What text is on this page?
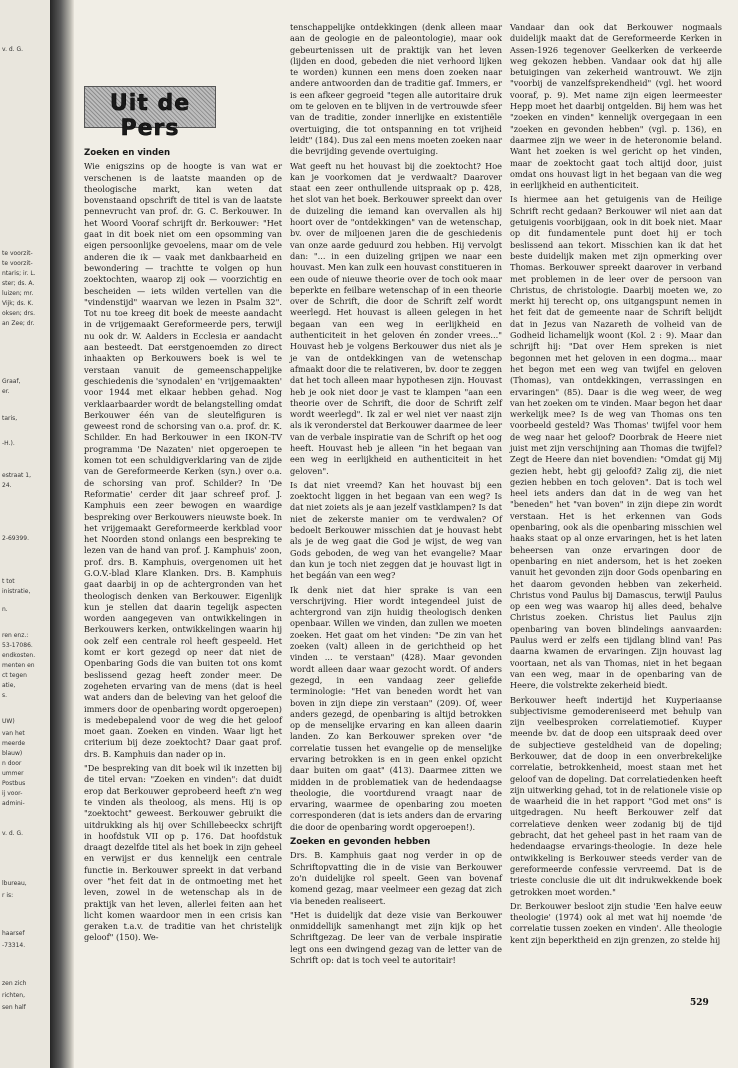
v. d. G.
te voorzit-
te voorzit-
ntaris; ir. L.
ster; ds. A.
luizen; mr.
Vijk; ds. K.
oksen; drs.
an Zee; dr.
Graaf,
er.
taris,
-H.).
estraat 1,
24.
2-69399.
t tot
inistratie,
n.
ren enz.:
53-17086.
endkosten.
menten en
ct tegen
atie,
s.
UW)
van het
meerde
blauw)
n door
ummer
Postbus
ij voor-
admini-
v. d. G.
lbureau,
r is:
haarsef
-73314.
zen zich
richten,
sen half
Uit de Pers
Zoeken en vinden

Wie enigszins op de hoogte is van wat er verschenen is de laatste maanden op de theologische markt, kan weten dat bovenstaand opschrift de titel is van de laatste pennevrucht van prof. dr. G. C. Berkouwer. In het Woord Vooraf schrijft dr. Berkouwer: "Het gaat in dit boek niet om een opsomming van eigen persoonlijke gevoelens, maar om de vele anderen die ik — vaak met dankbaarheid en bewondering — trachtte te volgen op hun zoektochten, waarop zij ook — voorzichtig en bescheiden — iets wilden vertellen van die "vindenstijd" waarvan we lezen in Psalm 32". Tot nu toe kreeg dit boek de meeste aandacht in de vrijgemaakt Gereformeerde pers, terwijl nu ook dr. W. Aalders in Ecclesia er aandacht aan besteedt. Dat eerstgenoemden zo direct inhaakten op Berkouwers boek is wel te verstaan vanuit de gemeenschappelijke geschiedenis die 'synodalen' en 'vrijgemaakten' voor 1944 met elkaar hebben gehad. Nog verklaarbaarder wordt de belangstelling omdat Berkouwer één van de sleutelfiguren is geweest rond de schorsing van o.a. prof. dr. K. Schilder. En had Berkouwer in een IKON-TV programma 'De Nazaten' niet opgeroepen te komen tot een schuldigverklaring van de zijde van de Gereformeerde Kerken (syn.) over o.a. de schorsing van prof. Schilder? In 'De Reformatie' cerder dit jaar schreef prof. J. Kamphuis een zeer bewogen en waardige bespreking over Berkouwers nieuwste boek. In het vrijgemaakt Gereformeerde kerkblad voor het Noorden stond onlangs een bespreking te lezen van de hand van prof. J. Kamphuis' zoon, prof. drs. B. Kamphuis, overgenomen uit het G.O.V.-blad Klare Klanken. Drs. B. Kamphuis gaat daarbij in op de achtergronden van het theologisch denken van Berkouwer. Eigenlijk kun je stellen dat daarin tegelijk aspecten worden aangegeven van ontwikkelingen in Berkouwers kerken, ontwikkelingen waarin hij ook zelf een centrale rol heeft gespeeld. Het komt er kort gezegd op neer dat niet de Openbaring Gods die van buiten tot ons komt beslissend gezag heeft zonder meer. De zogeheten ervaring van de mens (dat is heel wat anders dan de beleving van het geloof die immers door de openbaring wordt opgeroepen) is medebepalend voor de weg die het geloof moet gaan. Zoeken en vinden. Waar ligt het criterium bij deze zoektocht? Daar gaat prof. drs. B. Kamphuis dan nader op in.

"De bespreking van dit boek wil ik inzetten bij de titel ervan: "Zoeken en vinden": dat duidt erop dat Berkouwer geprobeerd heeft z'n weg te vinden als theoloog, als mens. Hij is op "zoektocht" geweest. Berkouwer gebruikt die uitdrukking als hij over Schillebeeckx schrijft in hoofdstuk VII op p. 176. Dat hoofdstuk draagt dezelfde titel als het boek in zijn geheel en verwijst er dus kennelijk een centrale functie in. Berkouwer spreekt in dat verband over "het feit dat in de ontmoeting met het leven, zowel in de wetenschap als in de praktijk van het leven, allerlei feiten aan het licht komen waardoor men in een crisis kan geraken t.a.v. de traditie van het christelijk geloof" (150). We-

tenschappelijke ontdekkingen (denk alleen maar aan de geologie en de paleontologie), maar ook gebeurtenissen uit de praktijk van het leven (lijden en dood, gebeden die niet verhoord lijken te worden) kunnen een mens doen zoeken naar andere antwoorden dan de traditie gaf. Immers, er is een afkeer gegroeid "tegen alle autoritaire druk om te geloven en te blijven in de vertrouwde sfeer van de traditie, zonder innerlijke en existentiële overtuiging, die tot ontspanning en tot vrijheid leidt" (184). Dus zal een mens moeten zoeken naar die bevrijding gevende overtuiging.

Wat geeft nu het houvast bij die zoektocht? Hoe kan je voorkomen dat je verdwaalt? Daarover staat een zeer onthullende uitspraak op p. 428, het slot van het boek. Berkouwer spreekt dan over de duizeling die iemand kan overvallen als hij hoort over de "ontdekkingen" van de wetenschap, bv. over de miljoenen jaren die de geschiedenis van onze aarde geduurd zou hebben. Hij vervolgt dan: "... in een duizeling grijpen we naar een houvast. Men kan zulk een houvast constitueren in een oude of nieuwe theorie over de toch ook maar beperkte en feilbare wetenschap of in een theorie over de Schrift, die door de Schrift zelf wordt weerlegd. Het houvast is alleen gelegen in het begaan van een weg in eerlijkheid en authenticiteit in het geloven én zonder vrees..." Houvast heb je volgens Berkouwer dus niet als je je van de ontdekkingen van de wetenschap afmaakt door die te relativeren, bv. door te zeggen dat het toch alleen maar hypothesen zijn. Houvast heb je ook niet door je vast te klampen "aan een theorie over de Schrift, die door de Schrift zelf wordt weerlegd". Ik zal er wel niet ver naast zijn als ik veronderstel dat Berkouwer daarmee de leer van de verbale inspiratie van de Schrift op het oog heeft. Houvast heb je alleen "in het begaan van een weg in eerlijkheid en authenticiteit in het geloven".

Is dat niet vreemd? Kan het houvast bij een zoektocht liggen in het begaan van een weg? Is dat niet zoiets als je aan jezelf vastklampen? Is dat niet de zekerste manier om te verdwalen? Of bedoelt Berkouwer misschien dat je houvast hebt als je de weg gaat die God je wijst, de weg van Gods geboden, de weg van het evangelie? Maar dan kun je toch niet zeggen dat je houvast ligt in het begáán van een weg?

Ik denk niet dat hier sprake is van een verschrijving. Hier wordt integendeel juist de achtergrond van zijn huidig theologisch denken openbaar. Willen we vinden, dan zullen we moeten zoeken. Het gaat om het vinden: "De zin van het zoeken (valt) alleen in de gerichtheid op het vinden ... te verstaan" (428). Maar gevonden wordt alleen daar waar gezocht wordt. Of anders gezegd, in een vandaag zeer geliefde terminologie: "Het van beneden wordt het van boven in zijn diepe zin verstaan" (209). Of, weer anders gezegd, de openbaring is altijd betrokken op de menselijke ervaring en kan alleen daarin landen. Zo kan Berkouwer spreken over "de correlatie tussen het evangelie op de menselijke ervaring betrokken is en in geen enkel opzicht daar buiten om gaat" (413). Daarmee zitten we midden in de problematiek van de hedendaagse theologie, die voortdurend vraagt naar de ervaring, waarmee de openbaring zou moeten corresponderen (dat is iets anders dan de ervaring die door de openbaring wordt opgeroepen!).

Zoeken en gevonden hebben

Drs. B. Kamphuis gaat nog verder in op de Schriftopvatting die in de visie van Berkouwer zo'n duidelijke rol speelt. Geen van bovenaf komend gezag, maar veelmeer een gezag dat zich via beneden realiseert.

"Het is duidelijk dat deze visie van Berkouwer onmiddellijk samenhangt met zijn kijk op het Schriftgezag. De leer van de verbale inspiratie legt ons een dwingend gezag van de letter van de Schrift op: dat is toch veel te autoritair!

Vandaar dan ook dat Berkouwer nogmaals duidelijk maakt dat de Gereformeerde Kerken in Assen-1926 tegenover Geelkerken de verkeerde weg gekozen hebben. Vandaar ook dat hij alle betuigingen van zekerheid wantrouwt. We zijn "voorbij de vanzelfsprekendheid" (vgl. het woord vooraf, p. 9). Met name zijn eigen leermeester Hepp moet het daarbij ontgelden. Bij hem was het "zoeken en vinden" kennelijk overgegaan in een "zoeken en gevonden hebben" (vgl. p. 136), en daarmee zijn we weer in de heteronomie beland. Want het zoeken is wel gericht op het vinden, maar de zoektocht gaat toch altijd door, juist omdat ons houvast ligt in het begaan van die weg in eerlijkheid en authenticiteit.

Is hiermee aan het getuigenis van de Heilige Schrift recht gedaan? Berkouwer wil niet aan dat getuigenis voorbijgaan, ook in dit boek niet. Maar op dit fundamentele punt doet hij er toch beslissend aan tekort. Misschien kan ik dat het beste duidelijk maken met zijn opmerking over Thomas. Berkouwer spreekt daarover in verband met problemen in de leer over de persoon van Christus, de christologie. Daarbij moeten we, zo merkt hij terecht op, ons uitgangspunt nemen in het feit dat de gemeente naar de Schrift belijdt dat in Jezus van Nazareth de volheid van de Godheid lichamelijk woont (Kol. 2 : 9). Maar dan schrijft hij: "Dat over Hem spreken is niet begonnen met het geloven in een dogma... maar het begon met een weg van twijfel en geloven (Thomas), van ontdekkingen, verrassingen en ervaringen" (85). Daar is die weg weer, de weg van het zoeken om te vinden. Maar begon het daar werkelijk mee? Is de weg van Thomas ons ten voorbeeld gesteld? Was Thomas' twijfel voor hem de weg naar het geloof? Doorbrak de Heere niet juist met zijn verschijning aan Thomas die twijfel? Zegt de Heere dan niet bovendien: "Omdat gij Mij gezien hebt, hebt gij geloofd? Zalig zij, die niet gezien hebben en toch geloven". Dat is toch wel heel iets anders dan dat in de weg van het "beneden" het "van boven" in zijn diepe zin wordt verstaan. Het is het erkennen van Gods openbaring, ook als die openbaring misschien wel haaks staat op al onze ervaringen, het is het laten beheersen van onze ervaringen door de openbaring en niet andersom, het is het zoeken vanuit het gevonden zijn door Gods openbaring en het daarom gevonden hebben van zekerheid. Christus vond Paulus bij Damascus, terwijl Paulus op een weg was waarop hij alles deed, behalve Christus zoeken. Christus liet Paulus zijn openbaring van boven blindelings aanvaarden: Paulus werd er zelfs een tijdlang blind van! Pas daarna kwamen de ervaringen. Zijn houvast lag voortaan, net als van Thomas, niet in het begaan van een weg, maar in de openbaring van de Heere, die volstrekte zekerheid biedt.

Berkouwer heeft indertijd het Kuyperiaanse subjectivisme gemodereniseerd met behulp van zijn veelbesproken correlatiemotief. Kuyper meende bv. dat de doop een uitspraak deed over de subjectieve gesteldheid van de dopeling; Berkouwer, dat de doop in een onverbrekelijke correlatie, betrokkenheid, moest staan met het geloof van de dopeling. Dat correlatiedenken heeft zijn uitwerking gehad, tot in de relationele visie op de waarheid die in het rapport "God met ons" is uitgedragen. Nu heeft Berkouwer zelf dat correlatieve denken weer zodanig bij de tijd gebracht, dat het geheel past in het raam van de hedendaagse ervarings-theologie. In deze hele ontwikkeling is Berkouwer steeds verder van de gereformeerde confessie vervreemd. Dat is de trieste conclusie die uit dit indrukwekkende boek getrokken moet worden."

Dr. Berkouwer besloot zijn studie 'Een halve eeuw theologie' (1974) ook al met wat hij noemde 'de correlatie tussen zoeken en vinden'. Alle theologie kent zijn beperktheid en zijn grenzen, zo stelde hij

529
